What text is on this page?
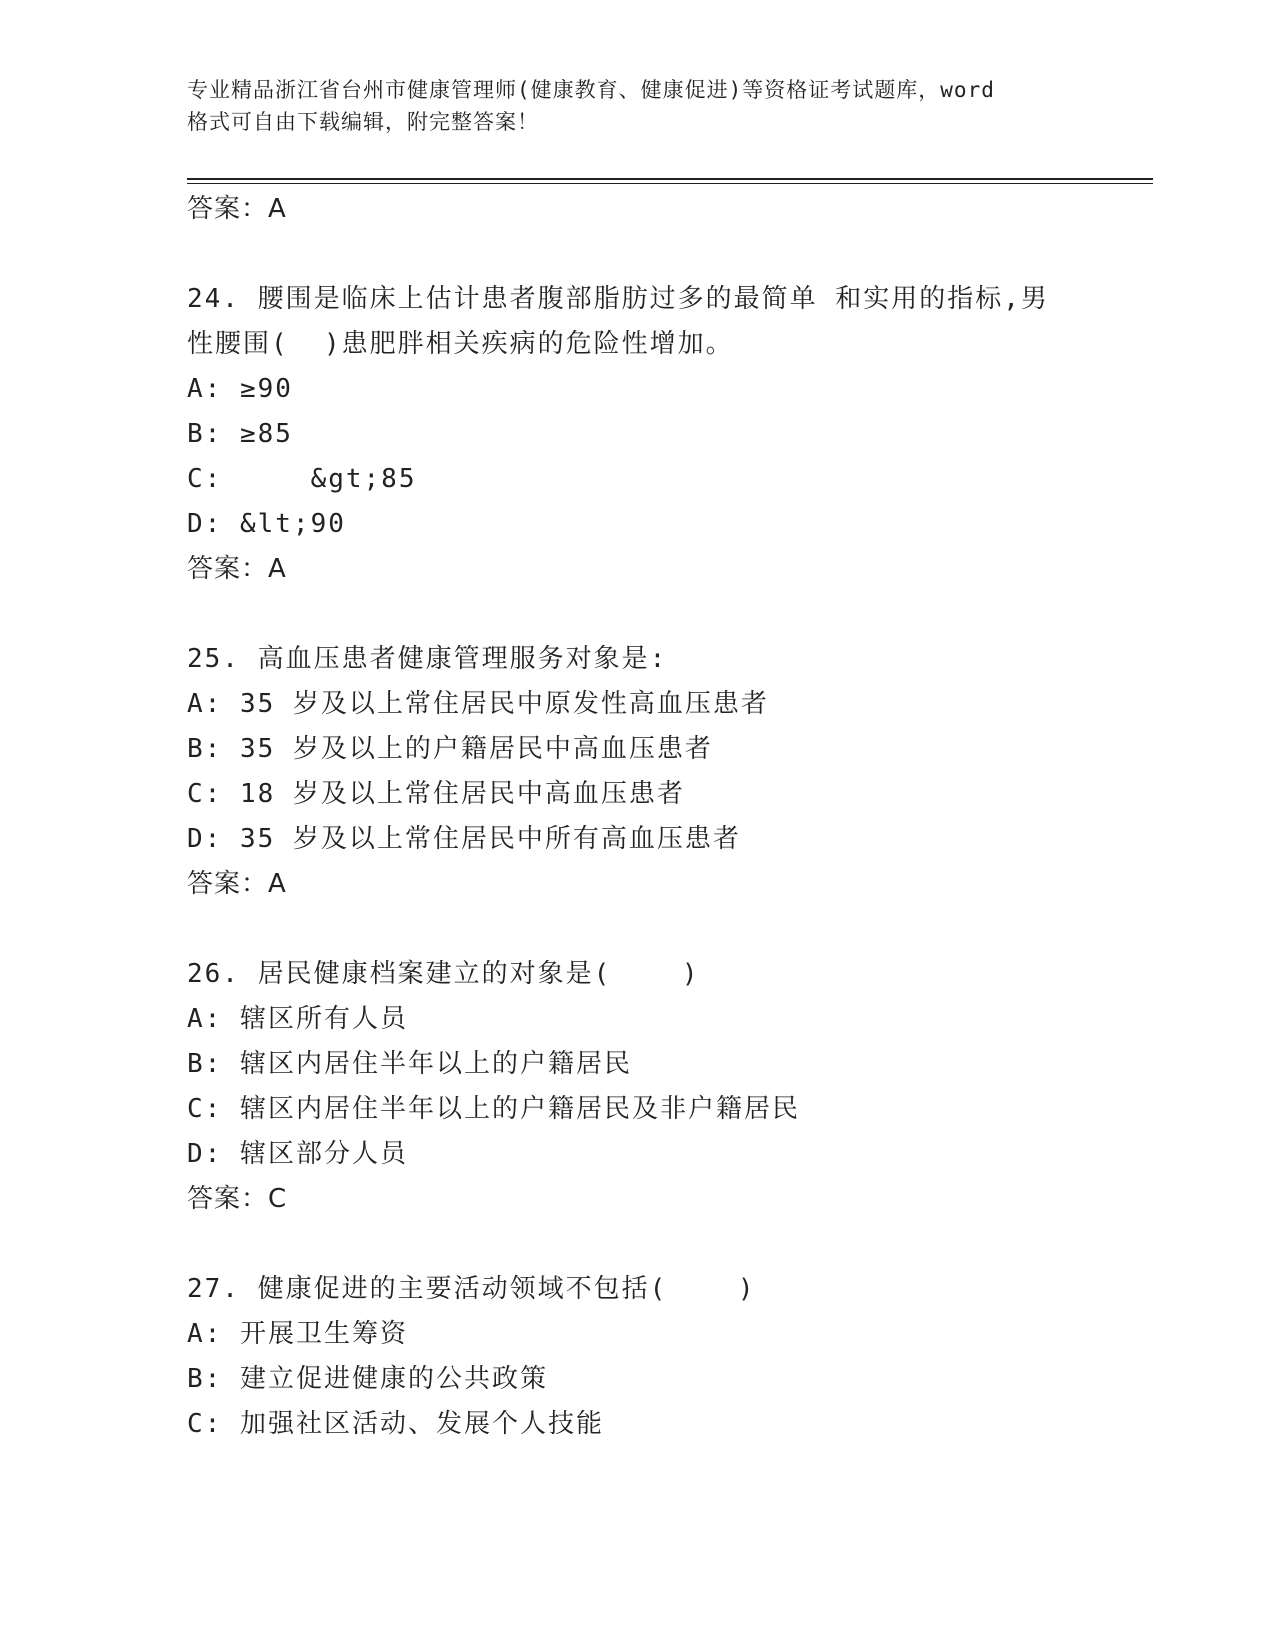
专业精品浙江省台州市健康管理师(健康教育、健康促进)等资格证考试题库，word
格式可自由下载编辑，附完整答案！
答案：A
24. 腰围是临床上估计患者腹部脂肪过多的最简单 和实用的指标,男
性腰围(  )患肥胖相关疾病的危险性增加。
A: ≥90
B: ≥85
C:     &gt;85
D: &lt;90
答案：A
25. 高血压患者健康管理服务对象是:
A: 35 岁及以上常住居民中原发性高血压患者
B: 35 岁及以上的户籍居民中高血压患者
C: 18 岁及以上常住居民中高血压患者
D: 35 岁及以上常住居民中所有高血压患者
答案：A
26. 居民健康档案建立的对象是(    )
A: 辖区所有人员
B: 辖区内居住半年以上的户籍居民
C: 辖区内居住半年以上的户籍居民及非户籍居民
D: 辖区部分人员
答案：C
27. 健康促进的主要活动领域不包括(    )
A: 开展卫生筹资
B: 建立促进健康的公共政策
C: 加强社区活动、发展个人技能
